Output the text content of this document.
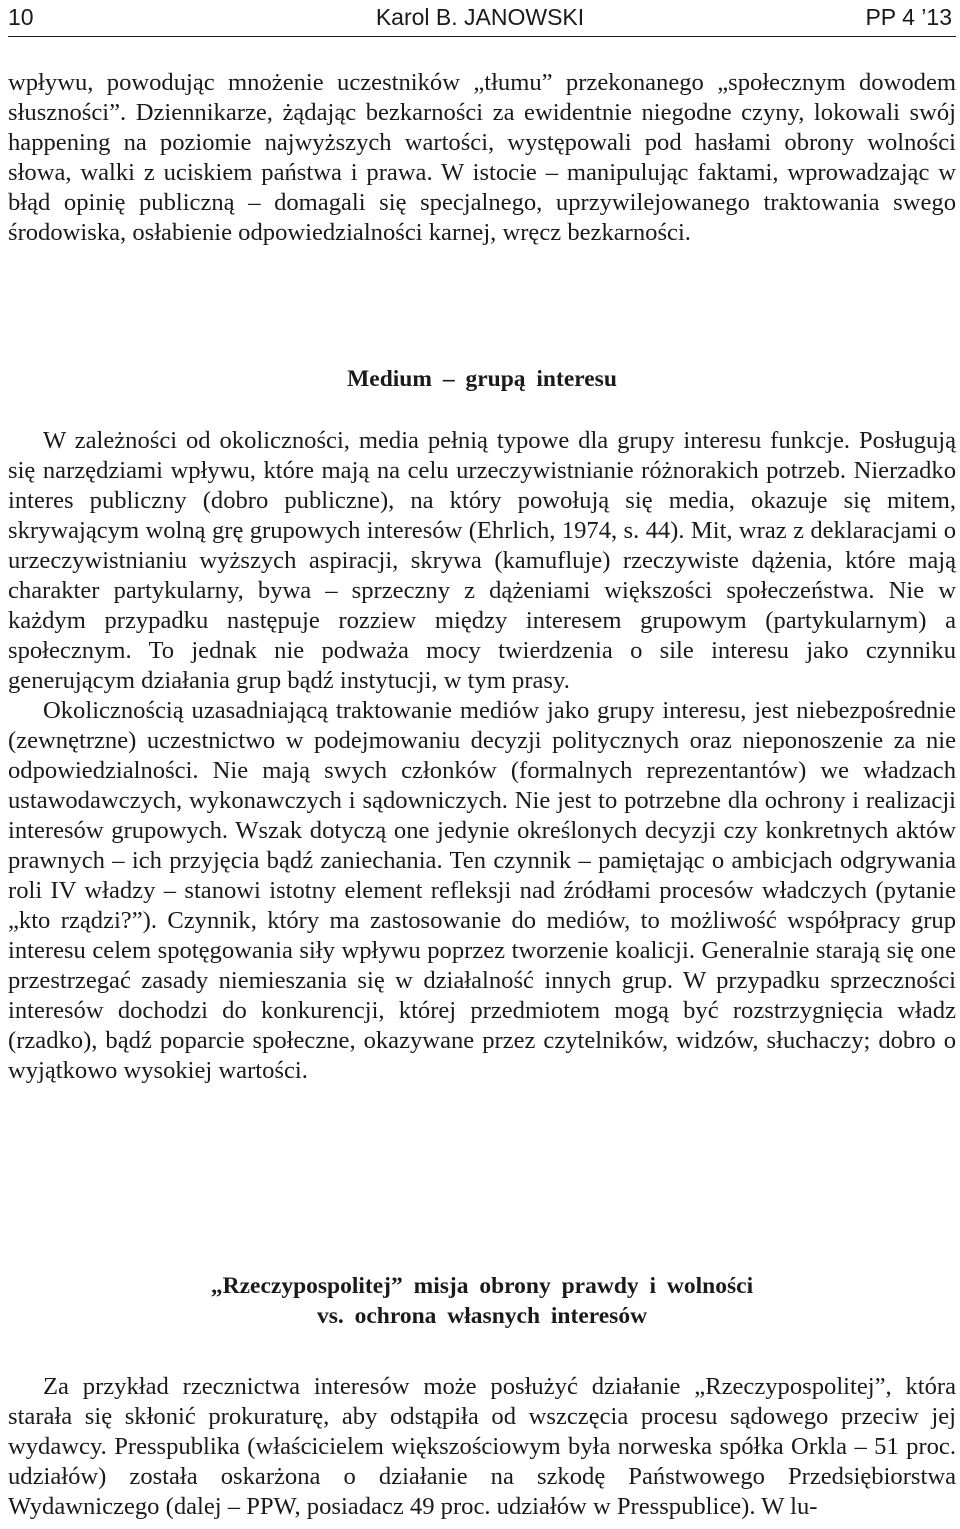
10	Karol B. JANOWSKI	PP 4 ’13

wpływu, powodując mnożenie uczestników „tłumu” przekonanego „społecznym dowodem słuszności”. Dziennikarze, żądając bezkarności za ewidentnie niegodne czyny, lokowali swój happening na poziomie najwyższych wartości, występowali pod hasłami obrony wolności słowa, walki z uciskiem państwa i prawa. W istocie – manipulując faktami, wprowadzając w błąd opinię publiczną – domagali się specjalnego, uprzywilejowanego traktowania swego środowiska, osłabienie odpowiedzialności karnej, wręcz bezkarności.

Medium – grupą interesu

W zależności od okoliczności, media pełnią typowe dla grupy interesu funkcje. Posługują się narzędziami wpływu, które mają na celu urzeczywistnianie różnorakich potrzeb. Nierzadko interes publiczny (dobro publiczne), na który powołują się media, okazuje się mitem, skrywającym wolną grę grupowych interesów (Ehrlich, 1974, s. 44). Mit, wraz z deklaracjami o urzeczywistnianiu wyższych aspiracji, skrywa (kamufluje) rzeczywiste dążenia, które mają charakter partykularny, bywa – sprzeczny z dążeniami większości społeczeństwa. Nie w każdym przypadku następuje rozziew między interesem grupowym (partykularnym) a społecznym. To jednak nie podważa mocy twierdzenia o sile interesu jako czynniku generującym działania grup bądź instytucji, w tym prasy.

Okolicznością uzasadniającą traktowanie mediów jako grupy interesu, jest niebezpośrednie (zewnętrzne) uczestnictwo w podejmowaniu decyzji politycznych oraz nieponoszenie za nie odpowiedzialności. Nie mają swych członków (formalnych reprezentantów) we władzach ustawodawczych, wykonawczych i sądowniczych. Nie jest to potrzebne dla ochrony i realizacji interesów grupowych. Wszak dotyczą one jedynie określonych decyzji czy konkretnych aktów prawnych – ich przyjęcia bądź zaniechania. Ten czynnik – pamiętając o ambicjach odgrywania roli IV władzy – stanowi istotny element refleksji nad źródłami procesów władczych (pytanie „kto rządzi?”). Czynnik, który ma zastosowanie do mediów, to możliwość współpracy grup interesu celem spotęgowania siły wpływu poprzez tworzenie koalicji. Generalnie starają się one przestrzegać zasady niemieszania się w działalność innych grup. W przypadku sprzeczności interesów dochodzi do konkurencji, której przedmiotem mogą być rozstrzygnięcia władz (rzadko), bądź poparcie społeczne, okazywane przez czytelników, widzów, słuchaczy; dobro o wyjątkowo wysokiej wartości.

„Rzeczypospolitej” misja obrony prawdy i wolności

vs. ochrona własnych interesów

Za przykład rzecznictwa interesów może posłużyć działanie „Rzeczypospolitej”, która starała się skłonić prokuraturę, aby odstąpiła od wszczęcia procesu sądowego przeciw jej wydawcy. Presspublika (właścicielem większościowym była norweska spółka Orkla – 51 proc. udziałów) została oskarżona o działanie na szkodę Państwowego Przedsiębiorstwa Wydawniczego (dalej – PPW, posiadacz 49 proc. udziałów w Presspublice). W lu-
